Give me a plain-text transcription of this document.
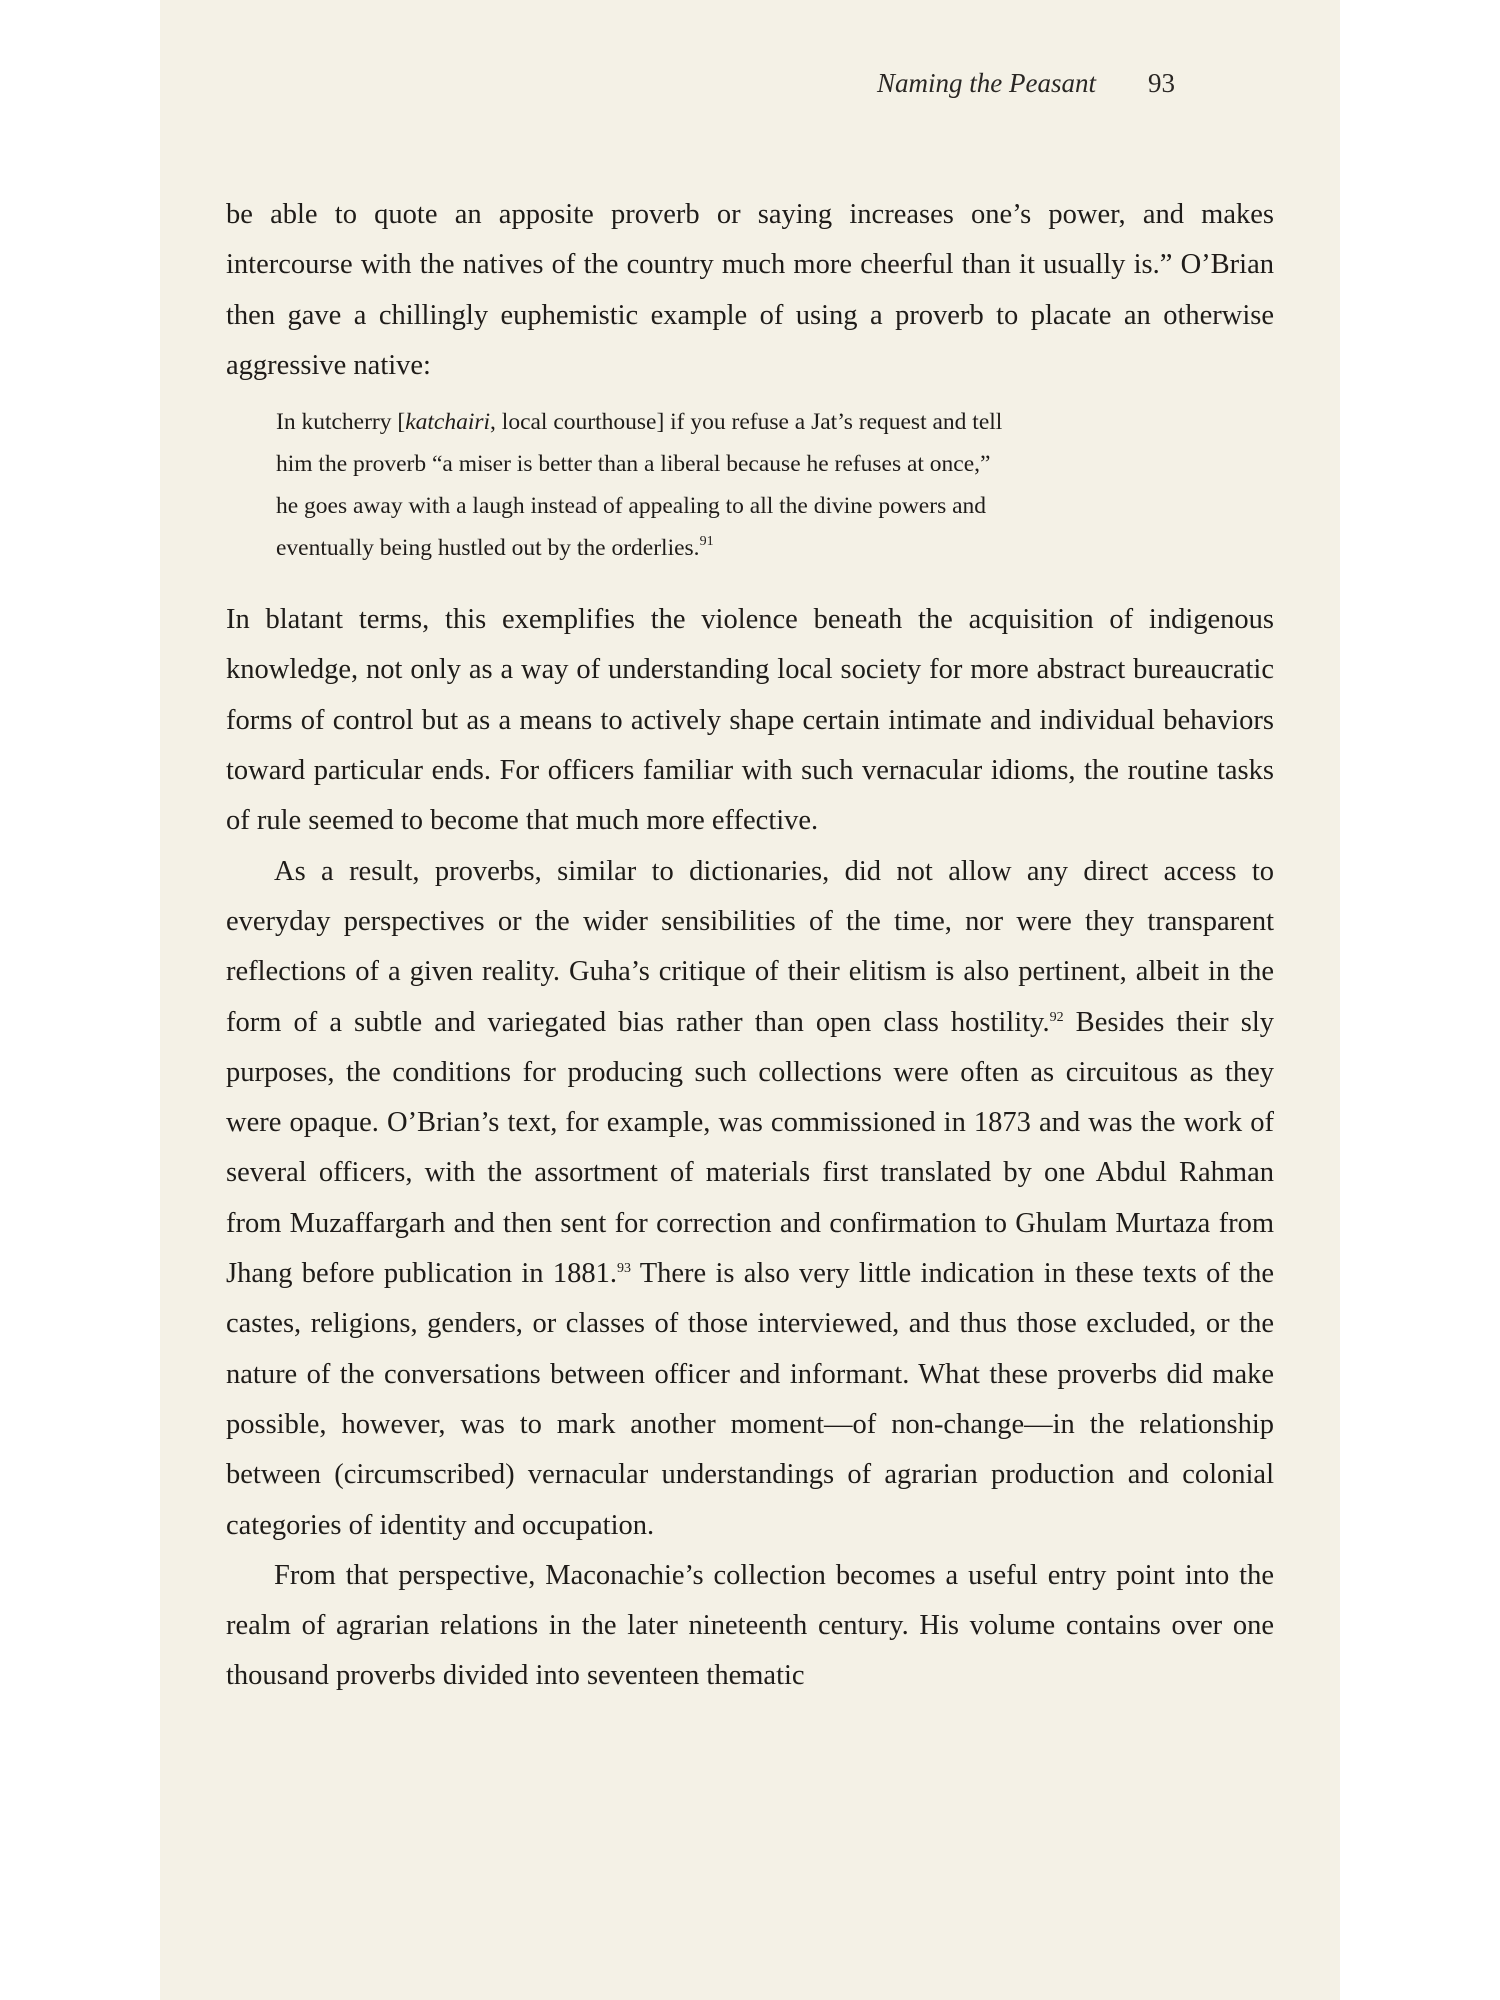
Naming the Peasant 93

be able to quote an apposite proverb or saying increases one’s power, and makes intercourse with the natives of the country much more cheerful than it usually is.” O’Brian then gave a chillingly euphemistic example of using a proverb to placate an otherwise aggressive native:

In kutcherry [katchairi, local courthouse] if you refuse a Jat’s request and tell
him the proverb “a miser is better than a liberal because he refuses at once,”
he goes away with a laugh instead of appealing to all the divine powers and
eventually being hustled out by the orderlies.$^{91}$

In blatant terms, this exemplifies the violence beneath the acquisition of indigenous knowledge, not only as a way of understanding local society for more abstract bureaucratic forms of control but as a means to actively shape certain intimate and individual behaviors toward particular ends. For officers familiar with such vernacular idioms, the routine tasks of rule seemed to become that much more effective.

As a result, proverbs, similar to dictionaries, did not allow any direct access to everyday perspectives or the wider sensibilities of the time, nor were they transparent reflections of a given reality. Guha’s critique of their elitism is also pertinent, albeit in the form of a subtle and variegated bias rather than open class hostility.$^{92}$ Besides their sly purposes, the conditions for producing such collections were often as circuitous as they were opaque. O’Brian’s text, for example, was commissioned in 1873 and was the work of several officers, with the assortment of materials first translated by one Abdul Rahman from Muzaffargarh and then sent for correction and confirmation to Ghulam Murtaza from Jhang before publication in 1881.93 There is also very little indication in these texts of the castes, religions, genders, or classes of those interviewed, and thus those excluded, or the nature of the conversations between officer and informant. What these proverbs did make possible, however, was to mark another moment—of non-change—in the relationship between (circumscribed) vernacular understandings of agrarian production and colonial categories of identity and occupation.

From that perspective, Maconachie’s collection becomes a useful entry point into the realm of agrarian relations in the later nineteenth century. His volume contains over one thousand proverbs divided into seventeen thematic
